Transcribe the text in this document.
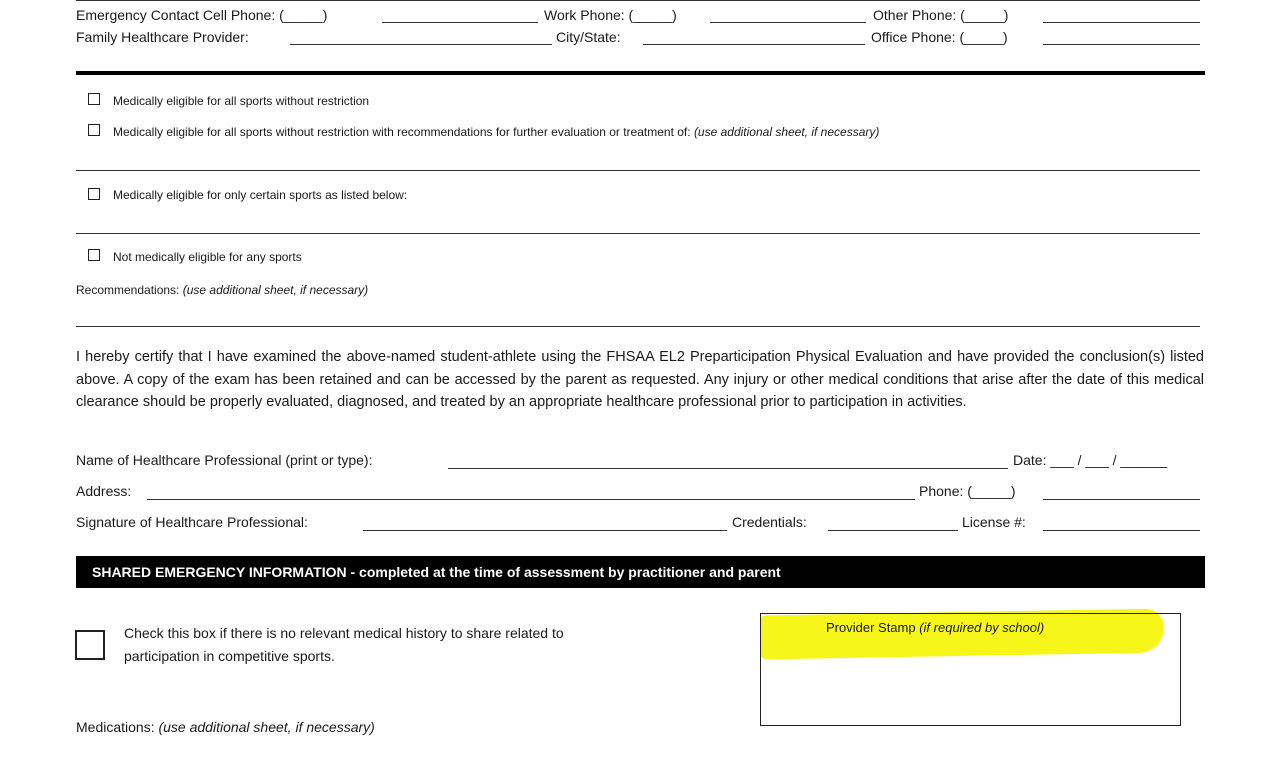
Emergency Contact Cell Phone: (_____)	Work Phone: (_____)	Other Phone: (_____)
Family Healthcare Provider:	City/State:	Office Phone: (_____)
Medically eligible for all sports without restriction
Medically eligible for all sports without restriction with recommendations for further evaluation or treatment of: (use additional sheet, if necessary)
Medically eligible for only certain sports as listed below:
Not medically eligible for any sports
Recommendations: (use additional sheet, if necessary)
I hereby certify that I have examined the above-named student-athlete using the FHSAA EL2 Preparticipation Physical Evaluation and have provided the conclusion(s) listed above. A copy of the exam has been retained and can be accessed by the parent as requested. Any injury or other medical conditions that arise after the date of this medical clearance should be properly evaluated, diagnosed, and treated by an appropriate healthcare professional prior to participation in activities.
Name of Healthcare Professional (print or type):	Date: ___ / ___ / ______
Address:	Phone: (_____)
Signature of Healthcare Professional:	Credentials:	License #:
SHARED EMERGENCY INFORMATION - completed at the time of assessment by practitioner and parent
Check this box if there is no relevant medical history to share related to
participation in competitive sports.
Provider Stamp (if required by school)
Medications: (use additional sheet, if necessary)
